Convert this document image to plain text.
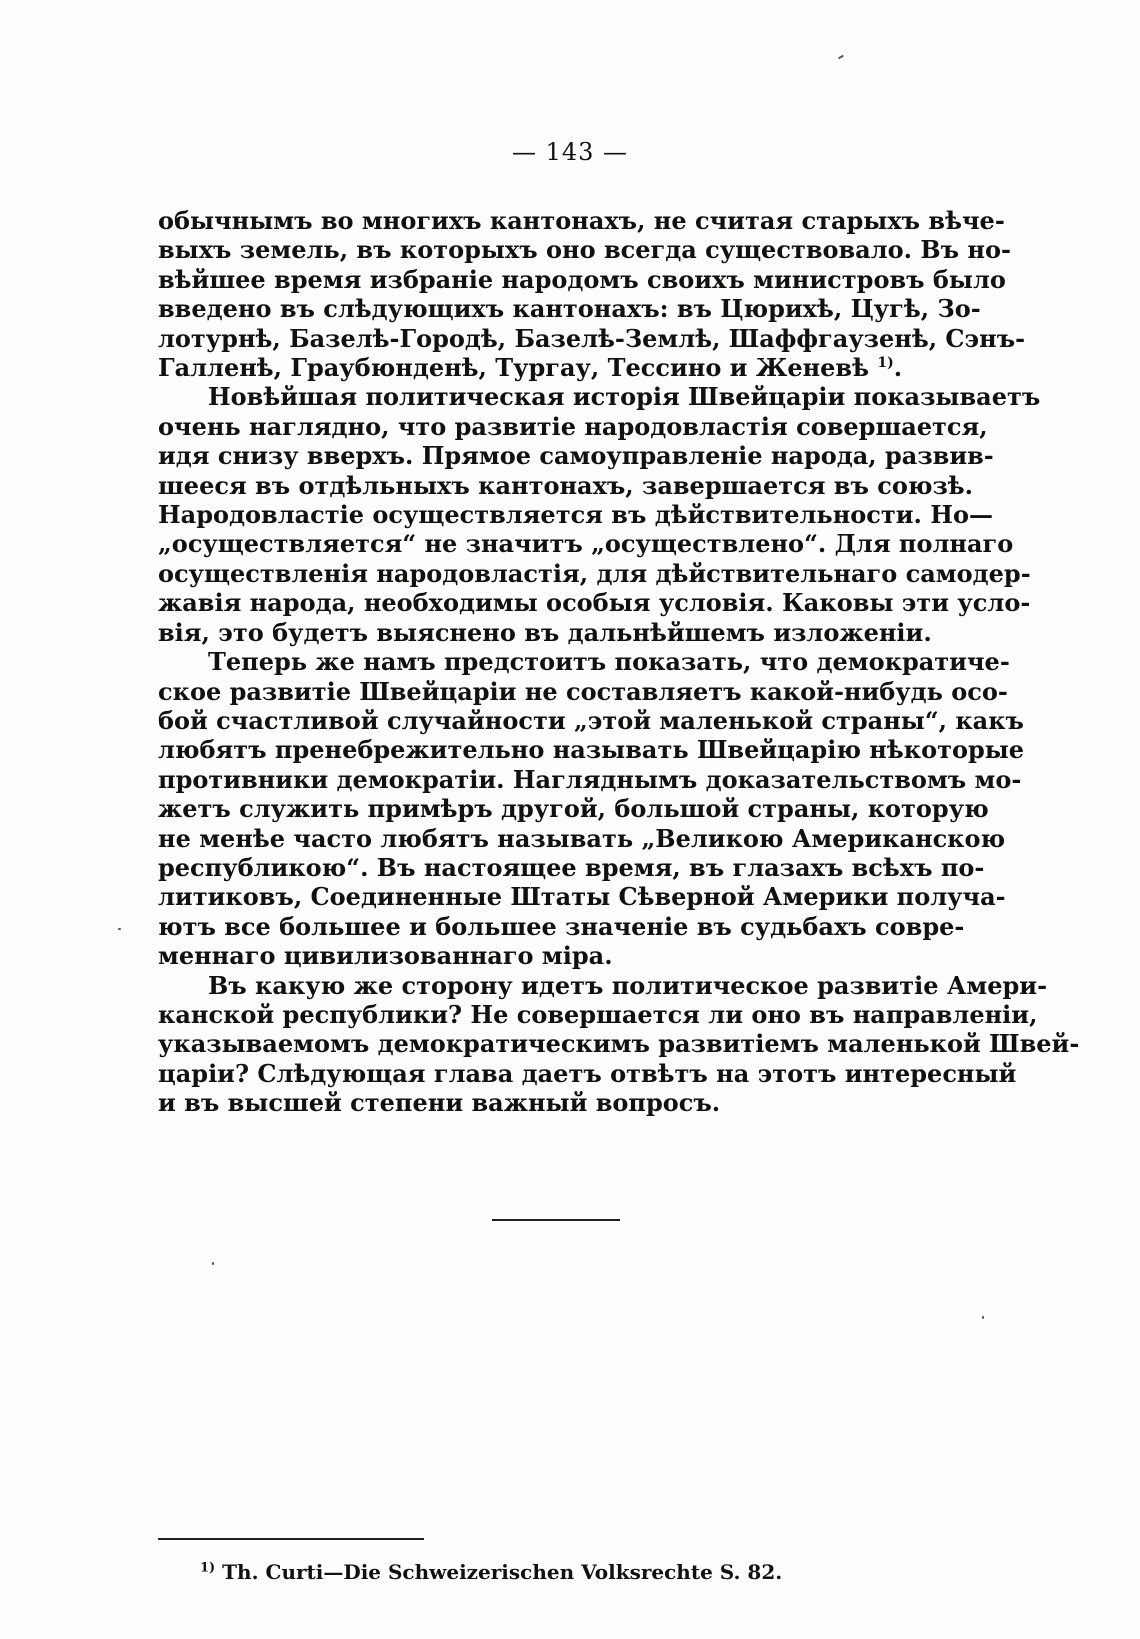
— 143 —
обычнымъ во многихъ кантонахъ, не считая старыхъ вѣче-
выхъ земель, въ которыхъ оно всегда существовало. Въ но-
вѣйшее время избраніе народомъ своихъ министровъ было
введено въ слѣдующихъ кантонахъ: въ Цюрихѣ, Цугѣ, Зо-
лотурнѣ, Базелѣ-Городѣ, Базелѣ-Землѣ, Шаффгаузенѣ, Сэнъ-
Галленѣ, Граубюнденѣ, Тургау, Тессино и Женевѣ $^{1)}$.
Новѣйшая политическая исторія Швейцаріи показываетъ
очень наглядно, что развитіе народовластія совершается,
идя снизу вверхъ. Прямое самоуправленіе народа, развив-
шееся въ отдѣльныхъ кантонахъ, завершается въ союзѣ.
Народовластіе осуществляется въ дѣйствительности. Но—
„осуществляется“ не значитъ „осуществлено“. Для полнаго
осуществленія народовластія, для дѣйствительнаго самодер-
жавія народа, необходимы особыя условія. Каковы эти усло-
вія, это будетъ выяснено въ дальнѣйшемъ изложеніи.
Теперь же намъ предстоитъ показать, что демократиче-
ское развитіе Швейцаріи не составляетъ какой-нибудь осо-
бой счастливой случайности „этой маленькой страны“, какъ
любятъ пренебрежительно называть Швейцарію нѣкоторые
противники демократіи. Нагляднымъ доказательствомъ мо-
жетъ служить примѣръ другой, большой страны, которую
не менѣе часто любятъ называть „Великою Американскою
республикою“. Въ настоящее время, въ глазахъ всѣхъ по-
литиковъ, Соединенные Штаты Сѣверной Америки получа-
ютъ все большее и большее значеніе въ судьбахъ совре-
меннаго цивилизованнаго міра.
Въ какую же сторону идетъ политическое развитіе Амери-
канской республики? Не совершается ли оно въ направленіи,
указываемомъ демократическимъ развитіемъ маленькой Швей-
царіи? Слѣдующая глава даетъ отвѣтъ на этотъ интересный
и въ высшей степени важный вопросъ.
$^{1)}$ Th. Curti—Die Schweizerischen Volksrechte S. 82.
